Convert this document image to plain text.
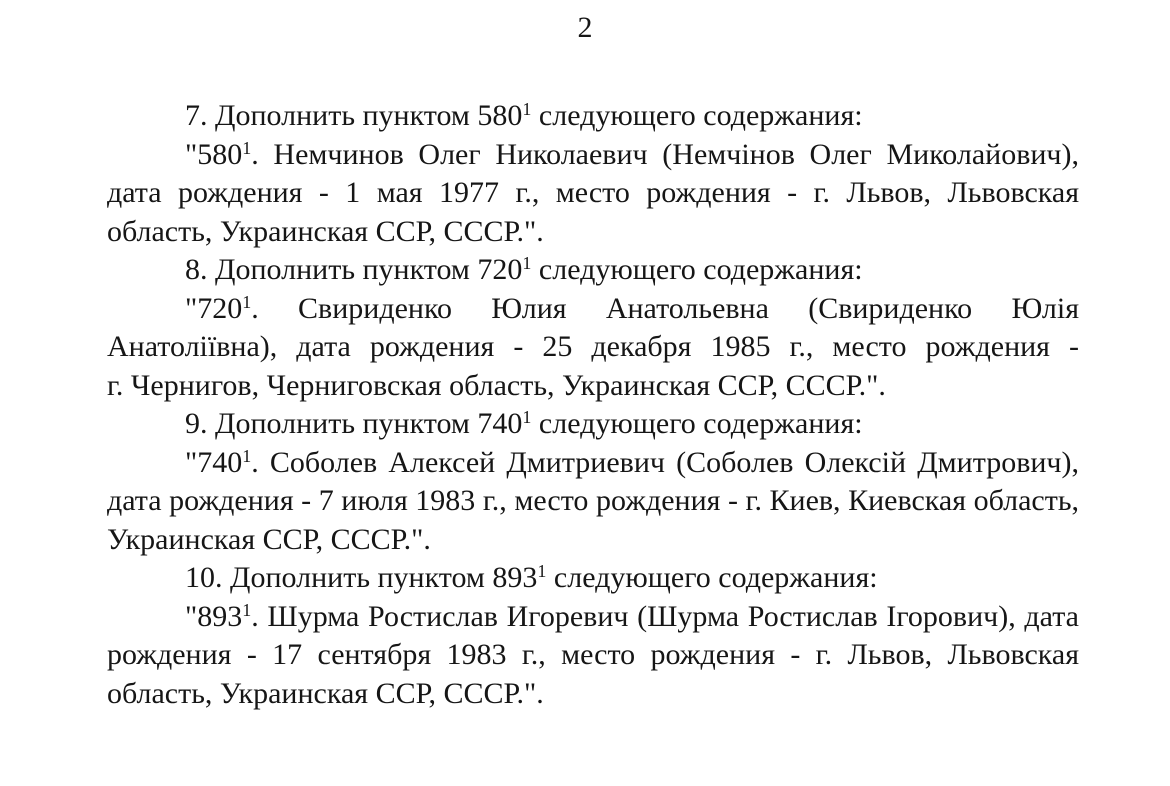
2

7. Дополнить пунктом $580^1$ следующего содержания:

"$580^1$. Немчинов Олег Николаевич (Немчінов Олег Миколайович), дата рождения - 1 мая 1977 г., место рождения - г. Львов, Львовская область, Украинская ССР, СССР.".

8. Дополнить пунктом $720^1$ следующего содержания:

"$720^1$. Свириденко Юлия Анатольевна (Свириденко Юлія Анатоліївна), дата рождения - 25 декабря 1985 г., место рождения - г. Чернигов, Черниговская область, Украинская ССР, СССР.".

9. Дополнить пунктом $740^1$ следующего содержания:

"$740^1$. Соболев Алексей Дмитриевич (Соболев Олексій Дмитрович), дата рождения - 7 июля 1983 г., место рождения - г. Киев, Киевская область, Украинская ССР, СССР.".

10. Дополнить пунктом $893^1$ следующего содержания:

"$893^1$. Шурма Ростислав Игоревич (Шурма Ростислав Ігорович), дата рождения - 17 сентября 1983 г., место рождения - г. Львов, Львовская область, Украинская ССР, СССР.".
